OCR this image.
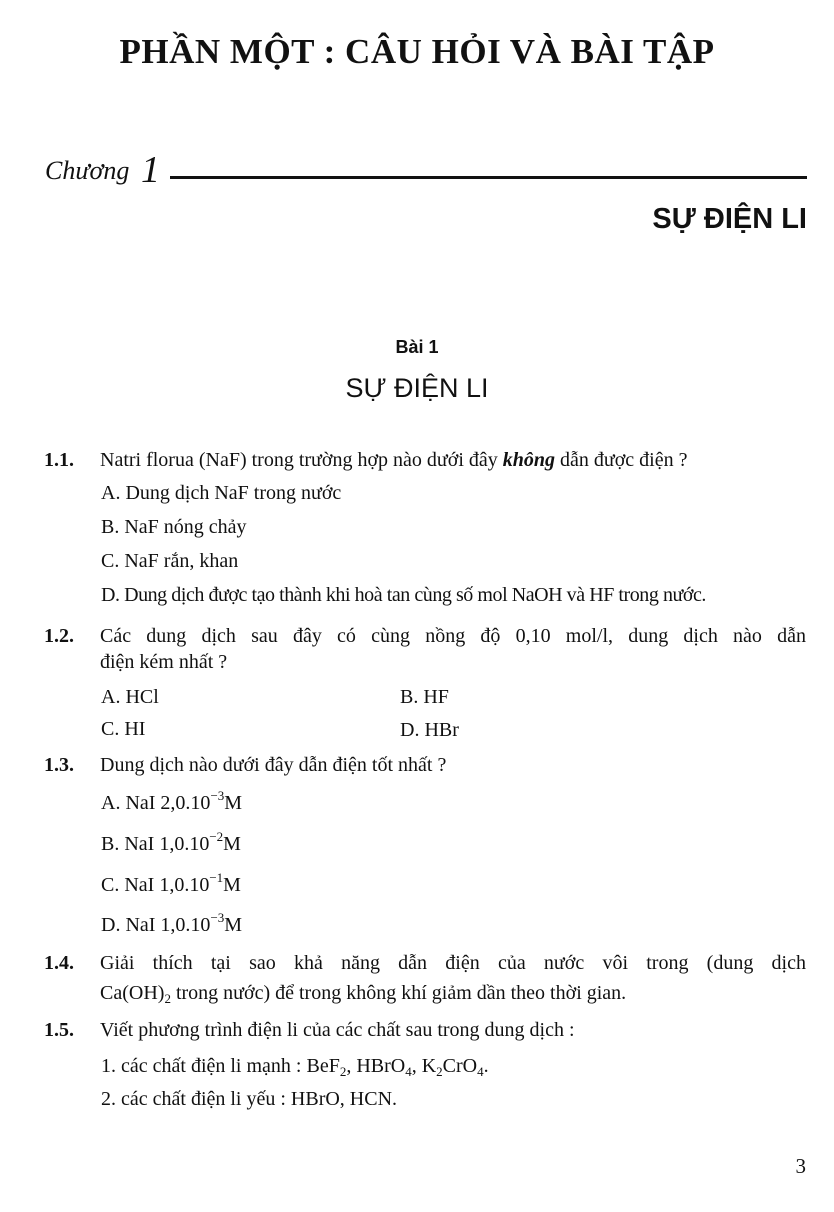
PHẦN MỘT : CÂU HỎI VÀ BÀI TẬP
Chương 1
SỰ ĐIỆN LI
Bài 1
SỰ ĐIỆN LI
1.1. Natri florua (NaF) trong trường hợp nào dưới đây không dẫn được điện ?
A. Dung dịch NaF trong nước
B. NaF nóng chảy
C. NaF rắn, khan
D. Dung dịch được tạo thành khi hoà tan cùng số mol NaOH và HF trong nước.
1.2. Các dung dịch sau đây có cùng nồng độ 0,10 mol/l, dung dịch nào dẫn
điện kém nhất ?
A. HCl	B. HF
C. HI	D. HBr
1.3. Dung dịch nào dưới đây dẫn điện tốt nhất ?
A. NaI $2,0.10^{-3}M$
B. NaI $1,0.10^{-2}M$
C. NaI $1,0.10^{-1}M$
D. NaI $1,0.10^{-3}M$
1.4. Giải thích tại sao khả năng dẫn điện của nước vôi trong (dung dịch
$Ca(OH)_2$ trong nước) để trong không khí giảm dần theo thời gian.
1.5. Viết phương trình điện li của các chất sau trong dung dịch :
1. các chất điện li mạnh : BeF$_2$, HBrO$_4$, $K_2CrO_4$.
2. các chất điện li yếu : HBrO, HCN.
3
